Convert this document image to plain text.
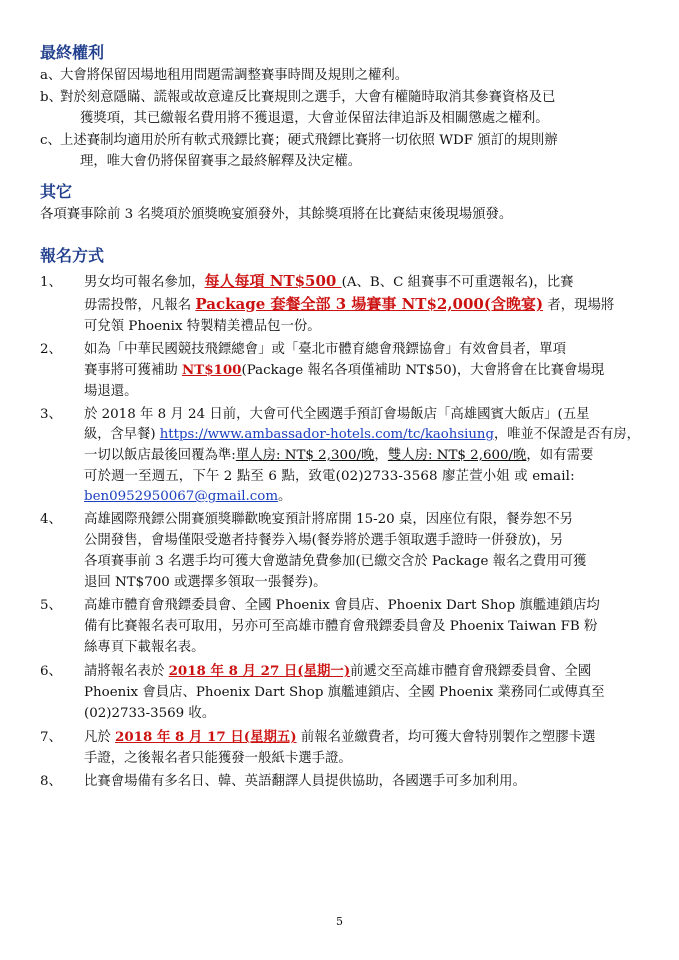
最終權利
a、
大會將保留因場地租用問題需調整賽事時間及規則之權利。
b、
對於刻意隱瞞、謊報或故意違反比賽規則之選手，大會有權隨時取消其參賽資格及已
獲獎項，其已繳報名費用將不獲退還，大會並保留法律追訴及相關懲處之權利。
c、 上述賽制均適用於所有軟式飛鏢比賽；硬式飛鏢比賽將一切依照 WDF 頒訂的規則辦
理，唯大會仍將保留賽事之最終解釋及決定權。
其它
各項賽事除前 3 名獎項於頒獎晚宴頒發外，其餘獎項將在比賽結束後現場頒發。
報名方式
1、 男女均可報名參加，每人每項 NT$500 (A、B、C 組賽事不可重選報名)，比賽
毋需投幣，凡報名 Package 套餐全部 3 場賽事 NT$2,000(含晚宴) 者，現場將
可兌領 Phoenix 特製精美禮品包一份。
2、 如為「中華民國競技飛鏢總會」或「臺北市體育總會飛鏢協會」有效會員者，單項
賽事將可獲補助 NT$100(Package 報名各項僅補助 NT$50)，大會將會在比賽會場現
場退還。
3、 於 2018 年 8 月 24 日前，大會可代全國選手預訂會場飯店「高雄國賓大飯店」(五星
級，含早餐) https://www.ambassador-hotels.com/tc/kaohsiung，唯並不保證是否有房，
一切以飯店最後回覆為準:單人房: NT$ 2,300/晚，雙人房: NT$ 2,600/晚，如有需要
可於週一至週五，下午 2 點至 6 點，致電(02)2733-3568 廖芷萱小姐 或 email:
ben0952950067@gmail.com。
4、 高雄國際飛鏢公開賽頒獎聯歡晚宴預計將席開 15-20 桌，因座位有限，餐券恕不另
公開發售，會場僅限受邀者持餐券入場(餐券將於選手領取選手證時一併發放)，另
各項賽事前 3 名選手均可獲大會邀請免費參加(已繳交含於 Package 報名之費用可獲
退回 NT$700 或選擇多領取一張餐券)。
5、 高雄市體育會飛鏢委員會、全國 Phoenix 會員店、Phoenix Dart Shop 旗艦連鎖店均
備有比賽報名表可取用，另亦可至高雄市體育會飛鏢委員會及 Phoenix Taiwan FB 粉
絲專頁下載報名表。
6、 請將報名表於 2018 年 8 月 27 日(星期一)前遞交至高雄市體育會飛鏢委員會、全國
Phoenix 會員店、Phoenix Dart Shop 旗艦連鎖店、全國 Phoenix 業務同仁或傳真至
(02)2733-3569 收。
7、 凡於 2018 年 8 月 17 日(星期五) 前報名並繳費者，均可獲大會特別製作之塑膠卡選
手證，之後報名者只能獲發一般紙卡選手證。
8、 比賽會場備有多名日、韓、英語翻譯人員提供協助，各國選手可多加利用。
5
